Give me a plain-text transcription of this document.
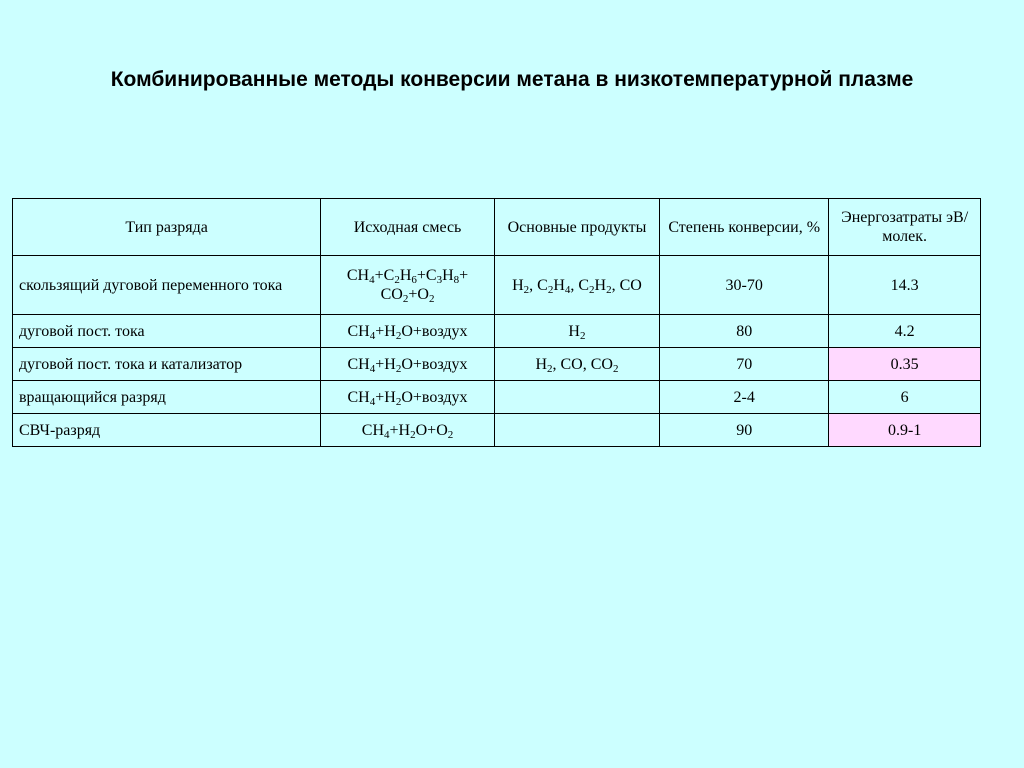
Комбинированные методы конверсии метана в низкотемпературной плазме
Тип разряда	Исходная смесь	Основные продукты	Степень конверсии, %	Энергозатраты эВ/молек.
скользящий дуговой переменного тока	$CH_4+C_2H_6+C_3H_8+ CO_2+O_2$	$H_2$, $C_2H_4$, $C_2H_2$, CO	30-70	14.3
дуговой пост. тока	$CH_4+H_2O+воздух$	$H_2$	80	4.2
дуговой пост. тока и катализатор	$CH_4+H_2O+воздух$	$H_2$, CO, $CO_2$	70	0.35
вращающийся разряд	$CH_4+H_2O+воздух$		2-4	6
СВЧ-разряд	$CH_4+H_2O+O_2$		90	0.9-1
